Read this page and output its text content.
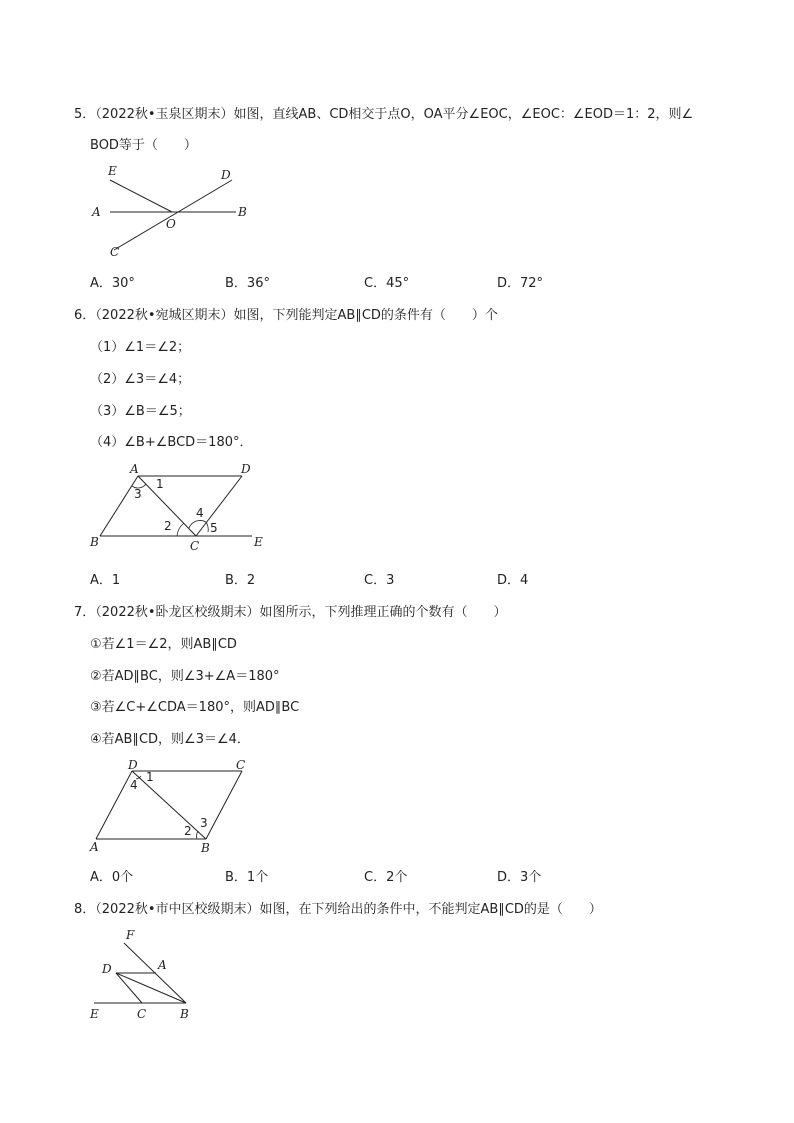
5．（2022秋•玉泉区期末）如图，直线AB、CD相交于点O，OA平分∠EOC，∠EOC：∠EOD＝1：2，则∠
BOD等于（　　）
E	D
A
O
B
C
A．30°	B．36°	C．45°	D．72°
6．（2022秋•宛城区期末）如图，下列能判定AB∥CD的条件有（　　）个
（1）∠1＝∠2；
（2）∠3＝∠4；
（3）∠B＝∠5；
（4）∠B+∠BCD＝180°．
A	D
B	C	E
1
2
3
4
5
A．1	B．2	C．3	D．4
7．（2022秋•卧龙区校级期末）如图所示，下列推理正确的个数有（　　）
①若∠1＝∠2，则AB∥CD
②若AD∥BC，则∠3+∠A＝180°
③若∠C+∠CDA＝180°，则AD∥BC
④若AB∥CD，则∠3＝∠4．
D	C
A	B
1
2
3
4
A．0个	B．1个	C．2个	D．3个
8．（2022秋•市中区校级期末）如图，在下列给出的条件中，不能判定AB∥CD的是（　　）
F
D	A
E	C	B
